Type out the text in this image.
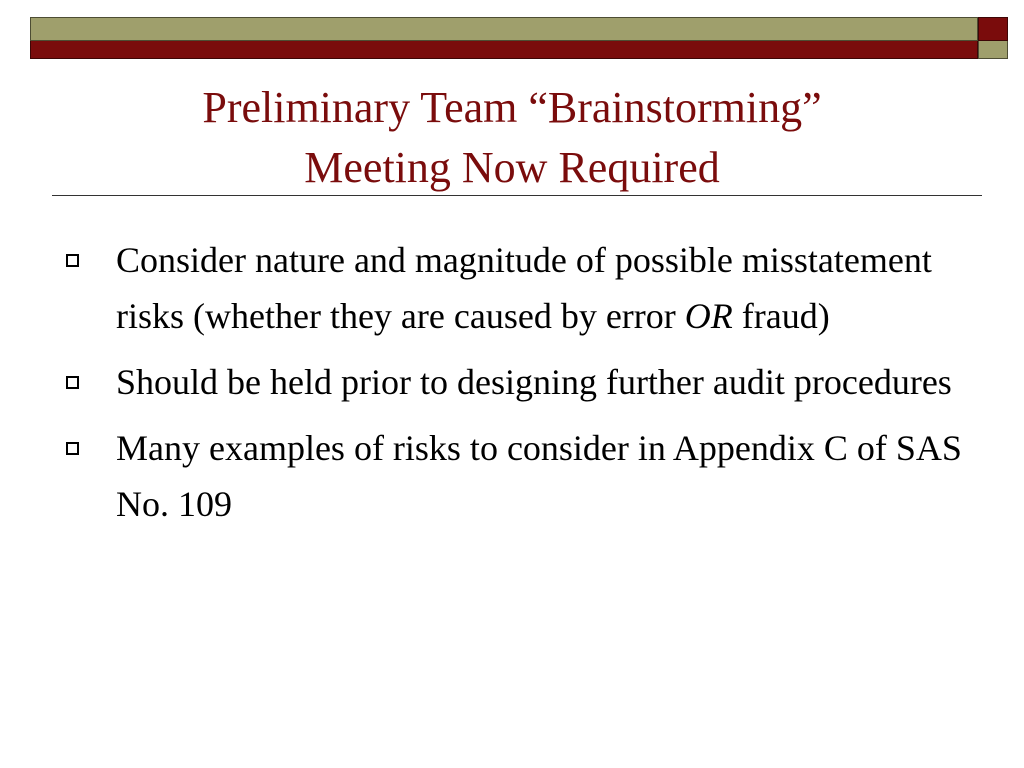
Preliminary Team “Brainstorming”
Meeting Now Required
Consider nature and magnitude of possible misstatement risks (whether they are caused by error OR fraud)
Should be held prior to designing further audit procedures
Many examples of risks to consider in Appendix C of SAS No. 109
